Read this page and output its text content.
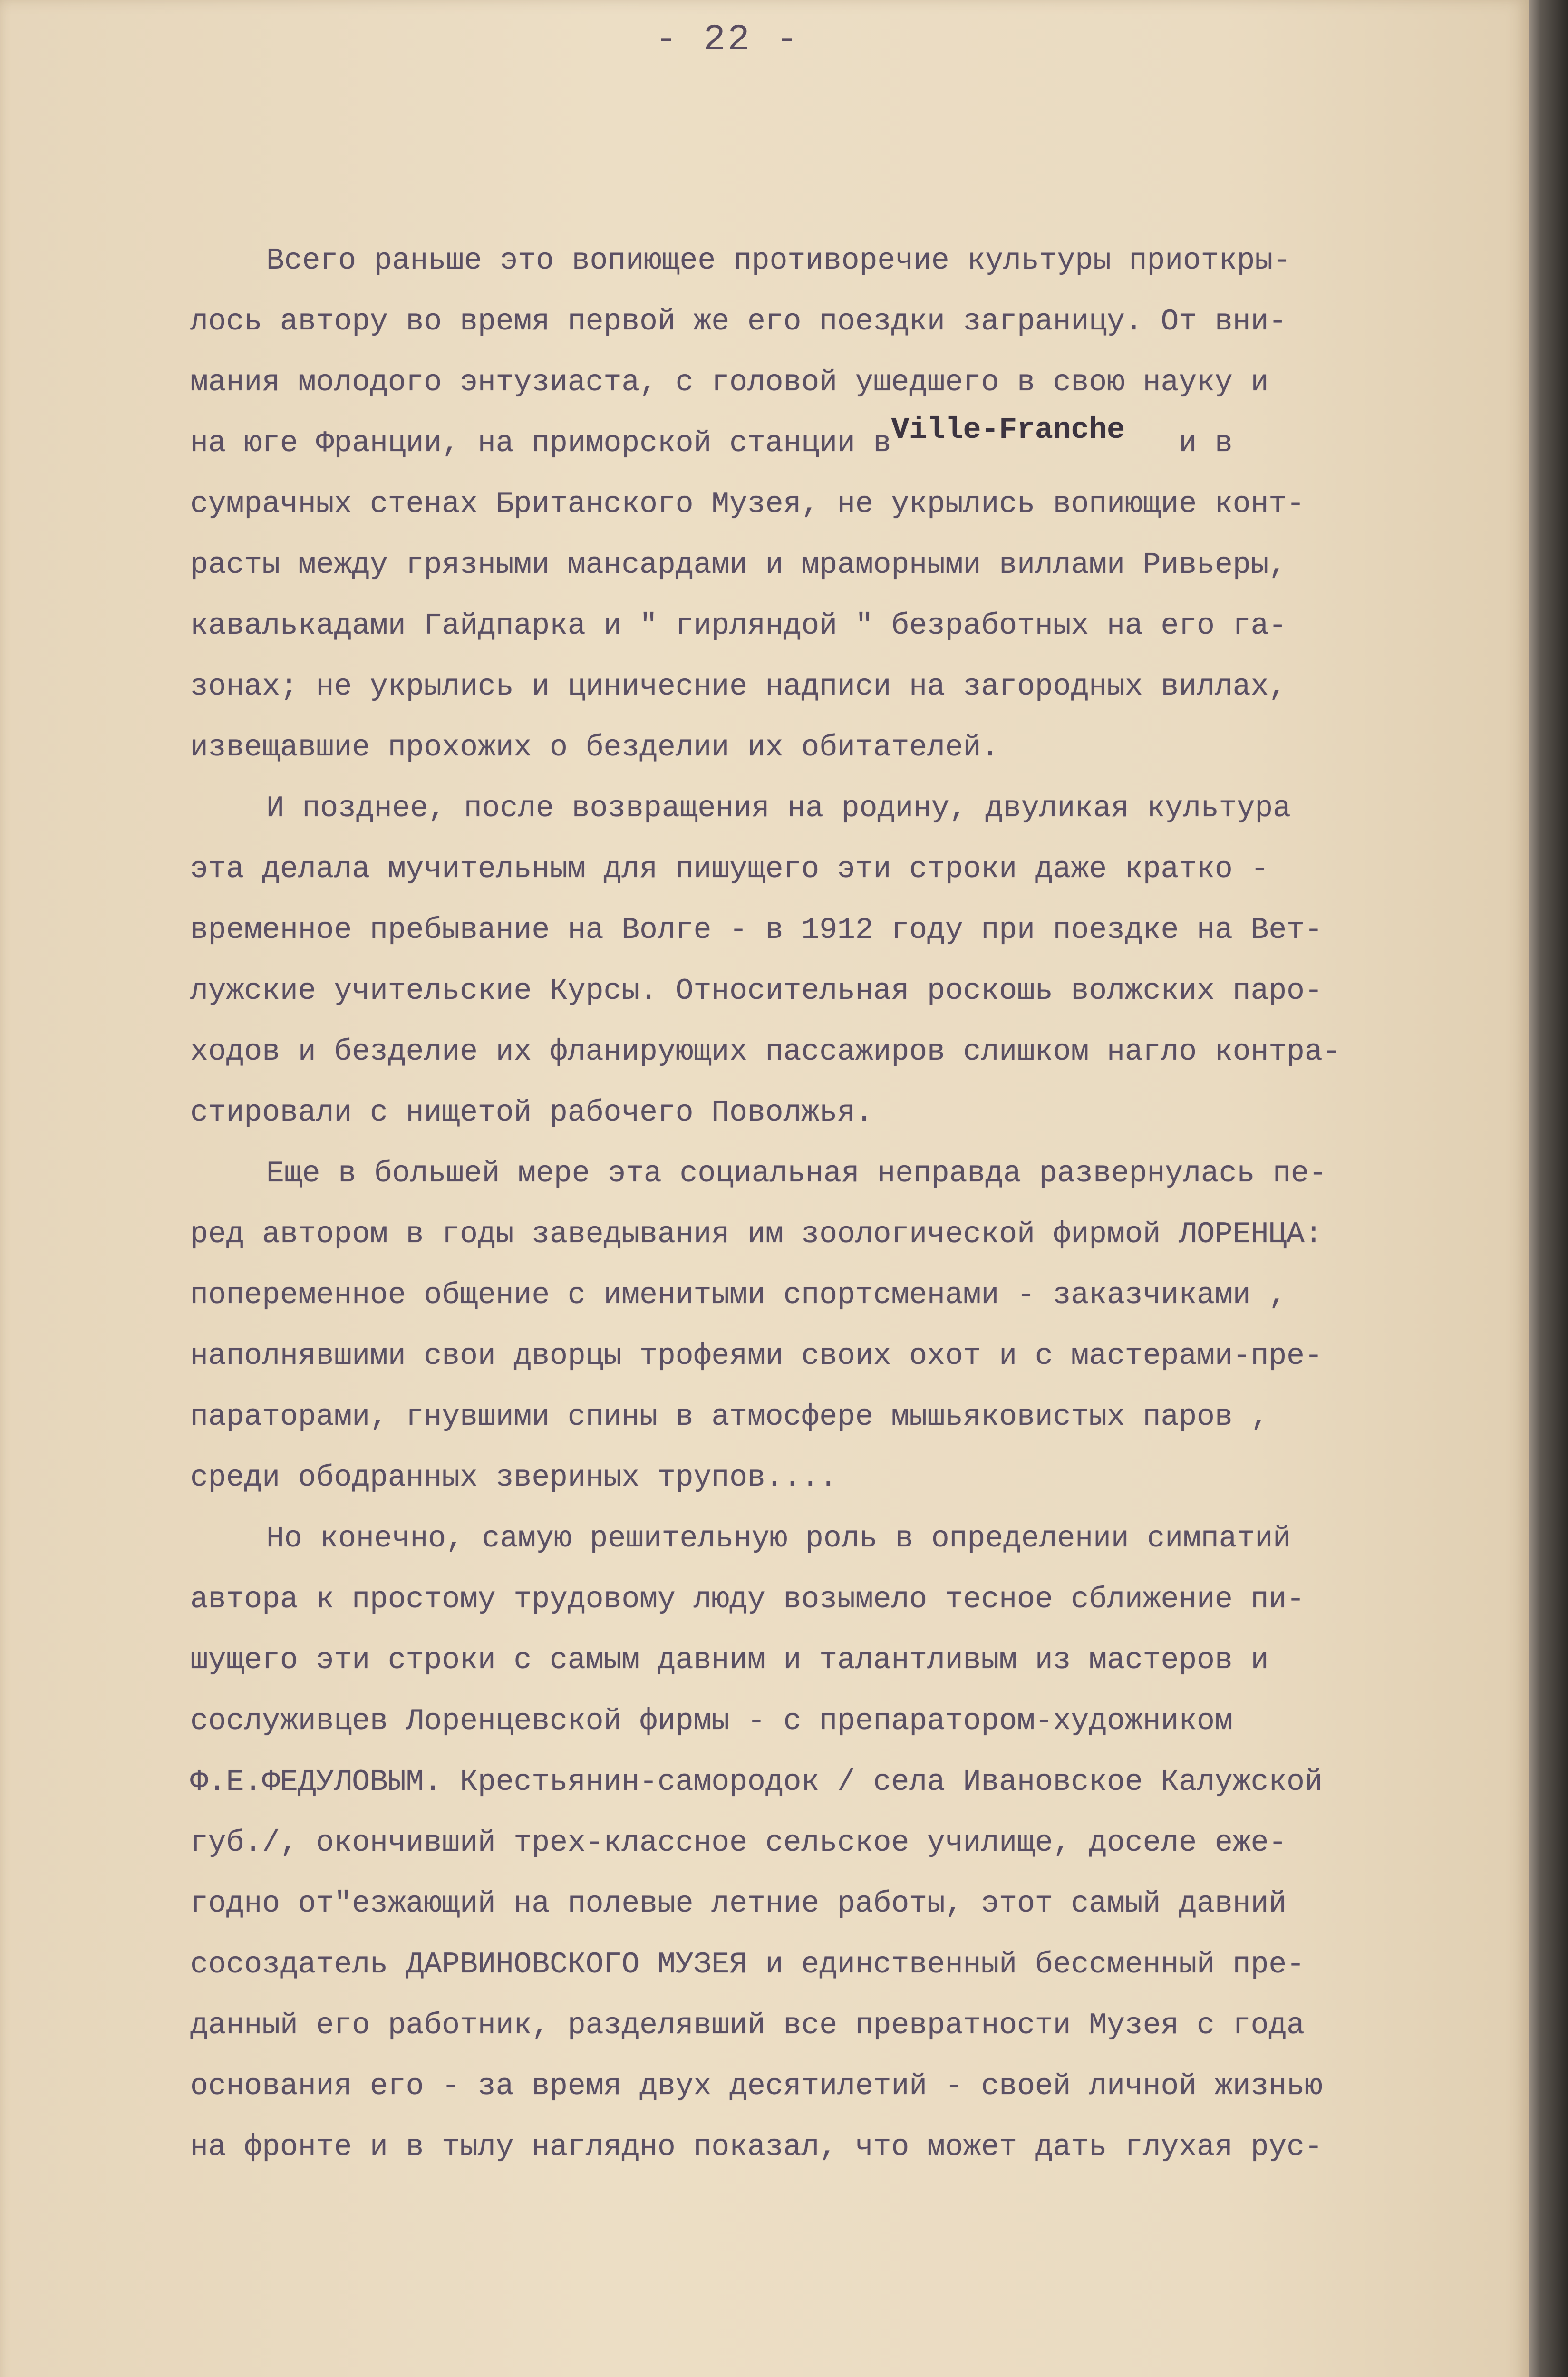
- 22 -
Всего раньше это вопиющее противоречие культуры приоткры-
лось автору во время первой же его поездки заграницу. От вни-
мания молодого энтузиаста, с головой ушедшего в свою науку и
на юге Франции, на приморской станции вVille-Franche   и в
сумрачных стенах Британского Музея, не укрылись вопиющие конт-
расты между грязными мансардами и мраморными виллами Ривьеры,
кавалькадами Гайдпарка и " гирляндой " безработных на его га-
зонах; не укрылись и циничесние надписи на загородных виллах,
извещавшие прохожих о безделии их обитателей.
И позднее, после возвращения на родину, двуликая культура
эта делала мучительным для пишущего эти строки даже кратко -
временное пребывание на Волге - в 1912 году при поездке на Вет-
лужские учительские Курсы. Относительная роскошь волжских паро-
ходов и безделие их фланирующих пассажиров слишком нагло контра-
стировали с нищетой рабочего Поволжья.
Еще в большей мере эта социальная неправда развернулась пе-
ред автором в годы заведывания им зоологической фирмой ЛОРЕНЦА:
попеременное общение с именитыми спортсменами - заказчиками ,
наполнявшими свои дворцы трофеями своих охот и с мастерами-пре-
параторами, гнувшими спины в атмосфере мышьяковистых паров ,
среди ободранных звериных трупов....
Но конечно, самую решительную роль в определении симпатий
автора к простому трудовому люду возымело тесное сближение пи-
шущего эти строки с самым давним и талантливым из мастеров и
сослуживцев Лоренцевской фирмы - с препаратором-художником
Ф.Е.ФЕДУЛОВЫМ. Крестьянин-самородок / села Ивановское Калужской
губ./, окончивший трех-классное сельское училище, доселе еже-
годно от"езжающий на полевые летние работы, этот самый давний
сосоздатель ДАРВИНОВСКОГО МУЗЕЯ и единственный бессменный пре-
данный его работник, разделявший все превратности Музея с года
основания его - за время двух десятилетий - своей личной жизнью
на фронте и в тылу наглядно показал, что может дать глухая рус-
